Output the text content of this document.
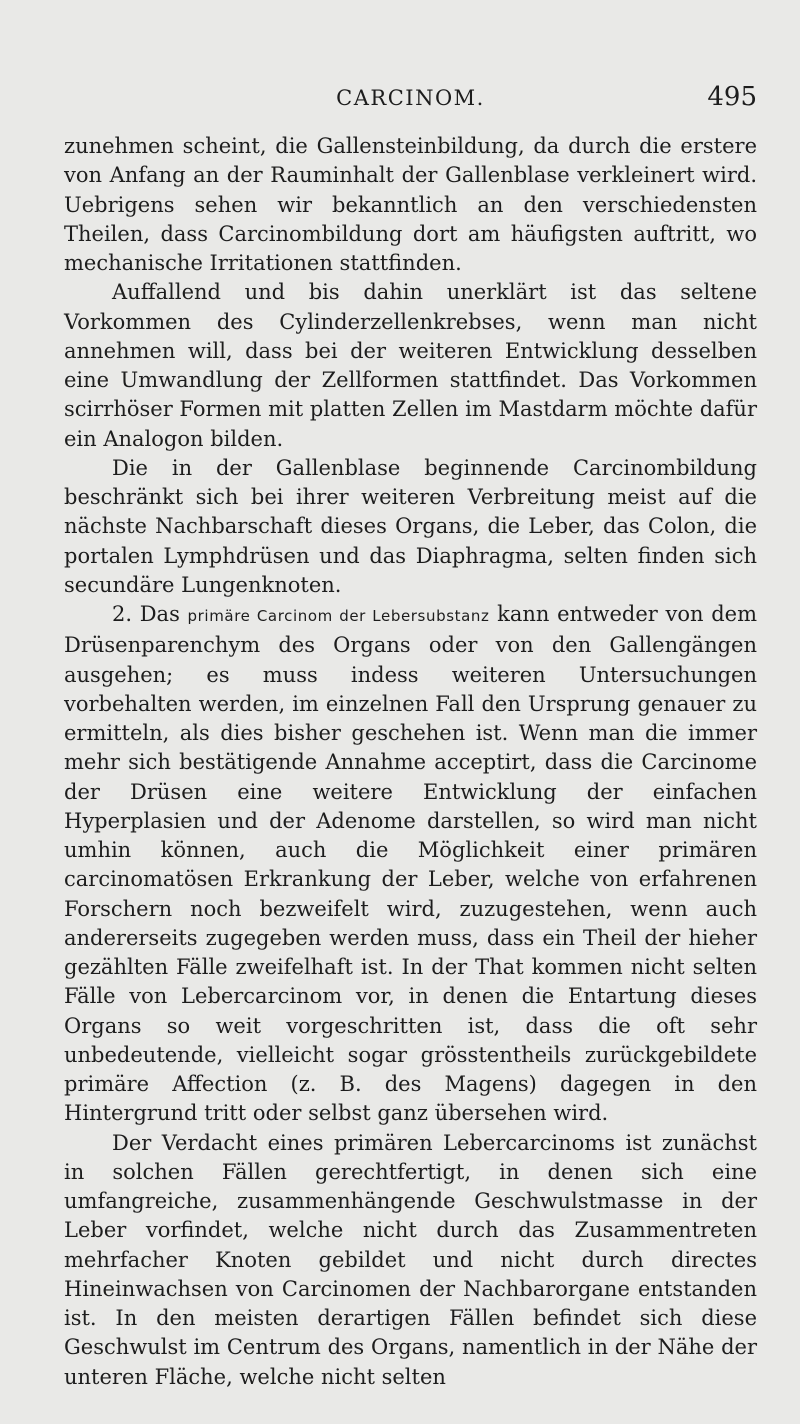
CARCINOM.	495

zunehmen scheint, die Gallensteinbildung, da durch die erstere von Anfang an der Rauminhalt der Gallenblase verkleinert wird. Uebrigens sehen wir bekanntlich an den verschiedensten Theilen, dass Carcinombildung dort am häufigsten auftritt, wo mechanische Irritationen stattfinden.

Auffallend und bis dahin unerklärt ist das seltene Vorkommen des Cylinderzellenkrebses, wenn man nicht annehmen will, dass bei der weiteren Entwicklung desselben eine Umwandlung der Zellformen stattfindet. Das Vorkommen scirrhöser Formen mit platten Zellen im Mastdarm möchte dafür ein Analogon bilden.

Die in der Gallenblase beginnende Carcinombildung beschränkt sich bei ihrer weiteren Verbreitung meist auf die nächste Nachbarschaft dieses Organs, die Leber, das Colon, die portalen Lymphdrüsen und das Diaphragma, selten finden sich secundäre Lungenknoten.

2. Das primäre Carcinom der Lebersubstanz kann entweder von dem Drüsenparenchym des Organs oder von den Gallengängen ausgehen; es muss indess weiteren Untersuchungen vorbehalten werden, im einzelnen Fall den Ursprung genauer zu ermitteln, als dies bisher geschehen ist. Wenn man die immer mehr sich bestätigende Annahme acceptirt, dass die Carcinome der Drüsen eine weitere Entwicklung der einfachen Hyperplasien und der Adenome darstellen, so wird man nicht umhin können, auch die Möglichkeit einer primären carcinomatösen Erkrankung der Leber, welche von erfahrenen Forschern noch bezweifelt wird, zuzugestehen, wenn auch andererseits zugegeben werden muss, dass ein Theil der hieher gezählten Fälle zweifelhaft ist. In der That kommen nicht selten Fälle von Lebercarcinom vor, in denen die Entartung dieses Organs so weit vorgeschritten ist, dass die oft sehr unbedeutende, vielleicht sogar grösstentheils zurückgebildete primäre Affection (z. B. des Magens) dagegen in den Hintergrund tritt oder selbst ganz übersehen wird.

Der Verdacht eines primären Lebercarcinoms ist zunächst in solchen Fällen gerechtfertigt, in denen sich eine umfangreiche, zusammenhängende Geschwulstmasse in der Leber vorfindet, welche nicht durch das Zusammentreten mehrfacher Knoten gebildet und nicht durch directes Hineinwachsen von Carcinomen der Nachbarorgane entstanden ist. In den meisten derartigen Fällen befindet sich diese Geschwulst im Centrum des Organs, namentlich in der Nähe der unteren Fläche, welche nicht selten
